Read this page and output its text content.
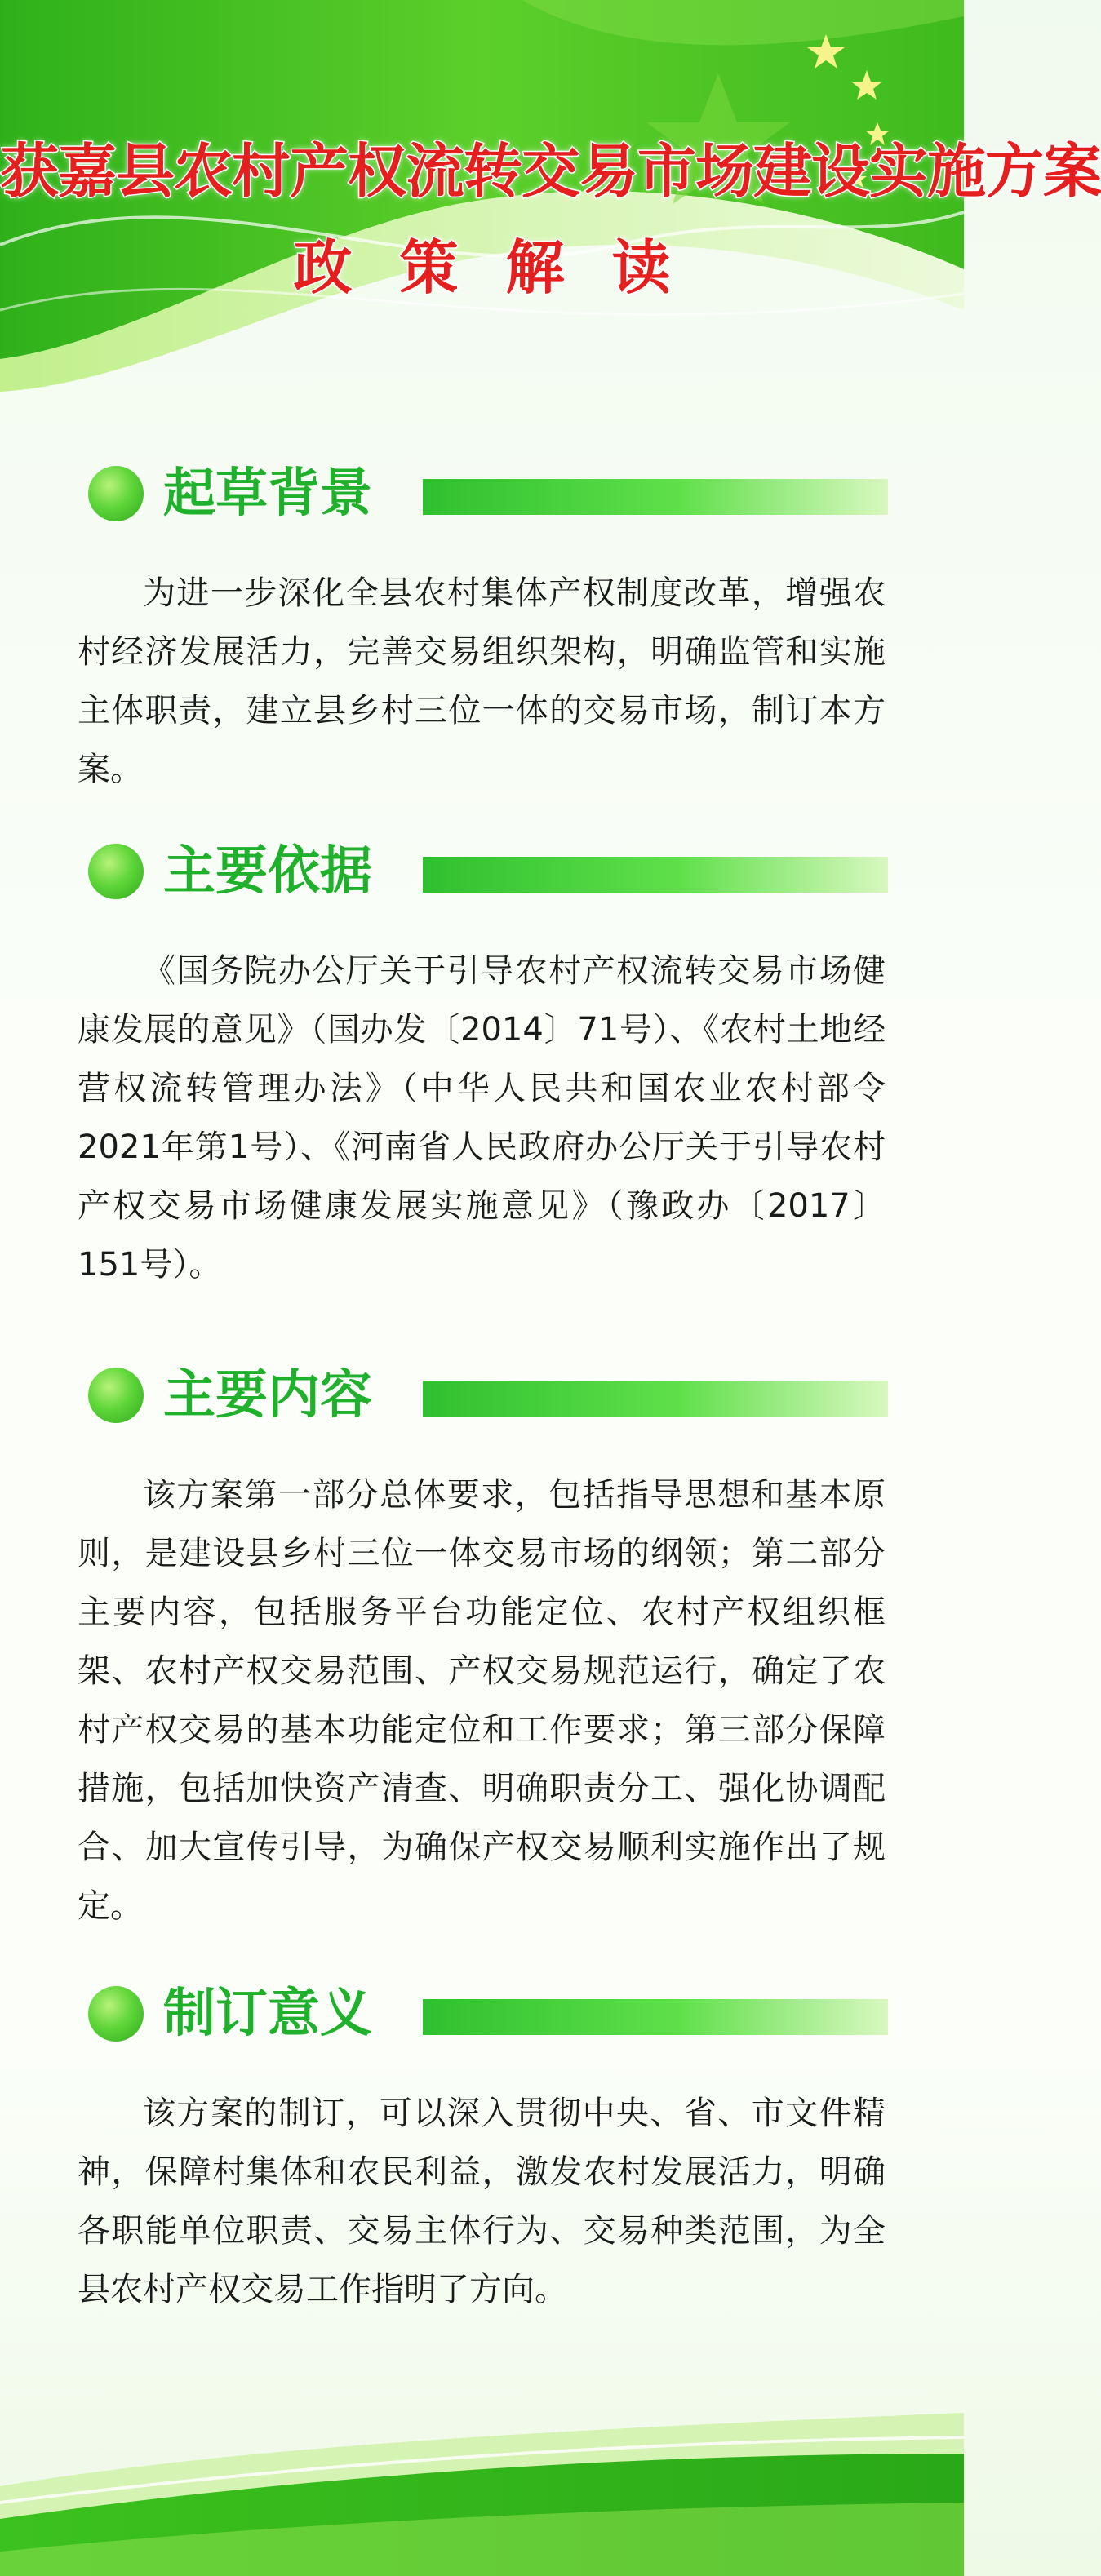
获嘉县农村产权流转交易市场建设实施方案
政策解读
起草背景
为进一步深化全县农村集体产权制度改革，增强农村经济发展活力，完善交易组织架构，明确监管和实施主体职责，建立县乡村三位一体的交易市场，制订本方案。
主要依据
《国务院办公厅关于引导农村产权流转交易市场健康发展的意见》（国办发〔2014〕71号）、《农村土地经营权流转管理办法》（中华人民共和国农业农村部令2021年第1号）、《河南省人民政府办公厅关于引导农村产权交易市场健康发展实施意见》（豫政办〔2017〕151号）。
主要内容
该方案第一部分总体要求，包括指导思想和基本原则，是建设县乡村三位一体交易市场的纲领；第二部分主要内容，包括服务平台功能定位、农村产权组织框架、农村产权交易范围、产权交易规范运行，确定了农村产权交易的基本功能定位和工作要求；第三部分保障措施，包括加快资产清查、明确职责分工、强化协调配合、加大宣传引导，为确保产权交易顺利实施作出了规定。
制订意义
该方案的制订，可以深入贯彻中央、省、市文件精神，保障村集体和农民利益，激发农村发展活力，明确各职能单位职责、交易主体行为、交易种类范围，为全县农村产权交易工作指明了方向。
